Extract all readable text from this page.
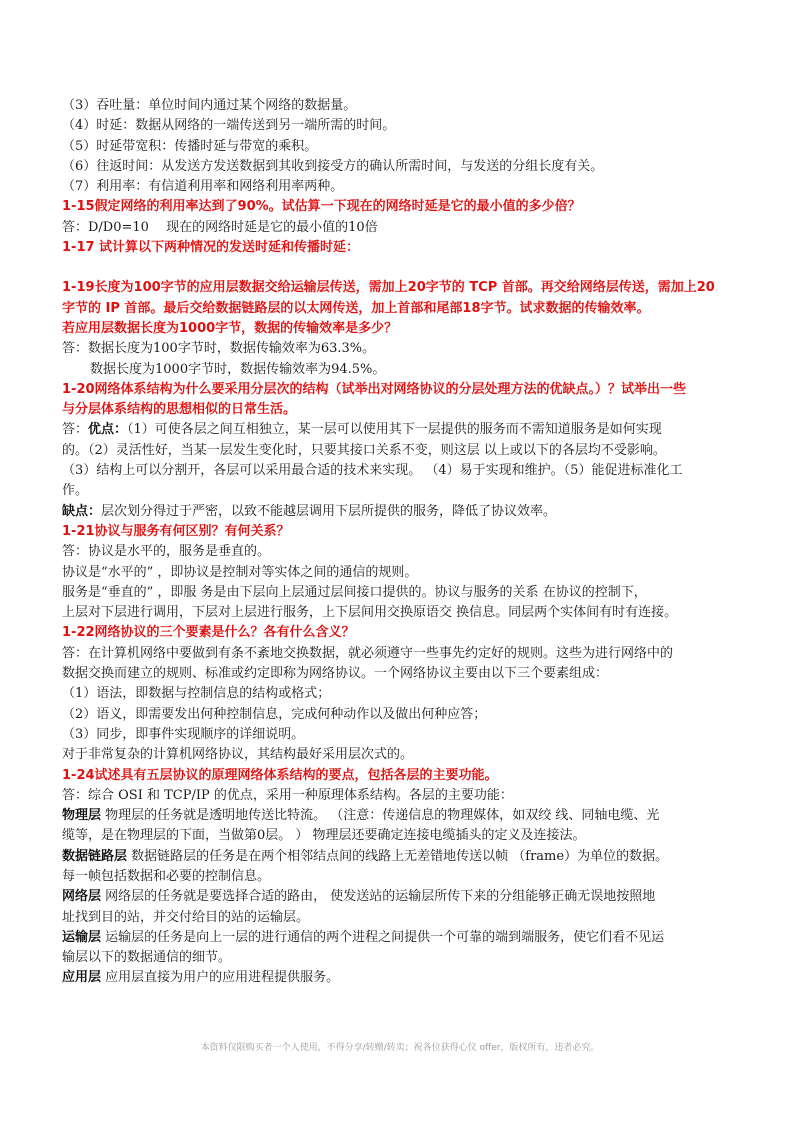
（3）吞吐量：单位时间内通过某个网络的数据量。

（4）时延：数据从网络的一端传送到另一端所需的时间。

（5）时延带宽积：传播时延与带宽的乘积。

（6）往返时间：从发送方发送数据到其收到接受方的确认所需时间，与发送的分组长度有关。

（7）利用率：有信道利用率和网络利用率两种。

1-15假定网络的利用率达到了90%。试估算一下现在的网络时延是它的最小值的多少倍？

答：D/D0=10　 现在的网络时延是它的最小值的10倍

1-17 试计算以下两种情况的发送时延和传播时延：

1-19长度为100字节的应用层数据交给运输层传送，需加上20字节的 TCP 首部。再交给网络层传送，需加上20

字节的 IP 首部。最后交给数据链路层的以太网传送，加上首部和尾部18字节。试求数据的传输效率。

若应用层数据长度为1000字节，数据的传输效率是多少？

答：数据长度为100字节时，数据传输效率为63.3%。

数据长度为1000字节时，数据传输效率为94.5%。

1-20网络体系结构为什么要采用分层次的结构（试举出对网络协议的分层处理方法的优缺点。）？试举出一些

与分层体系结构的思想相似的日常生活。

答：优点：（1）可使各层之间互相独立，某一层可以使用其下一层提供的服务而不需知道服务是如何实现

的。（2）灵活性好，当某一层发生变化时，只要其接口关系不变，则这层 以上或以下的各层均不受影响。

（3）结构上可以分割开，各层可以采用最合适的技术来实现。 （4）易于实现和维护。（5）能促进标准化工

作。

缺点：层次划分得过于严密，以致不能越层调用下层所提供的服务，降低了协议效率。

1-21协议与服务有何区别？有何关系？

答：协议是水平的，服务是垂直的。

协议是“水平的” ，即协议是控制对等实体之间的通信的规则。

服务是“垂直的” ，即服 务是由下层向上层通过层间接口提供的。协议与服务的关系 在协议的控制下，

上层对下层进行调用，下层对上层进行服务，上下层间用交换原语交 换信息。同层两个实体间有时有连接。

1-22网络协议的三个要素是什么？各有什么含义？

答：在计算机网络中要做到有条不紊地交换数据，就必须遵守一些事先约定好的规则。这些为进行网络中的

数据交换而建立的规则、标准或约定即称为网络协议。一个网络协议主要由以下三个要素组成：

（1）语法，即数据与控制信息的结构或格式；

（2）语义，即需要发出何种控制信息，完成何种动作以及做出何种应答；

（3）同步，即事件实现顺序的详细说明。

对于非常复杂的计算机网络协议，其结构最好采用层次式的。

1-24试述具有五层协议的原理网络体系结构的要点，包括各层的主要功能。

答：综合 OSI 和 TCP/IP 的优点，采用一种原理体系结构。各层的主要功能：

物理层 物理层的任务就是透明地传送比特流。 （注意：传递信息的物理媒体，如双绞 线、同轴电缆、光

缆等，是在物理层的下面，当做第0层。 ） 物理层还要确定连接电缆插头的定义及连接法。

数据链路层 数据链路层的任务是在两个相邻结点间的线路上无差错地传送以帧 （frame）为单位的数据。

每一帧包括数据和必要的控制信息。

网络层 网络层的任务就是要选择合适的路由， 使发送站的运输层所传下来的分组能够正确无误地按照地

址找到目的站，并交付给目的站的运输层。

运输层 运输层的任务是向上一层的进行通信的两个进程之间提供一个可靠的端到端服务，使它们看不见运

输层以下的数据通信的细节。

应用层 应用层直接为用户的应用进程提供服务。

本资料仅限购买者一个人使用，不得分享/转赠/转卖；祝各位获得心仪 offer，版权所有，违者必究。
